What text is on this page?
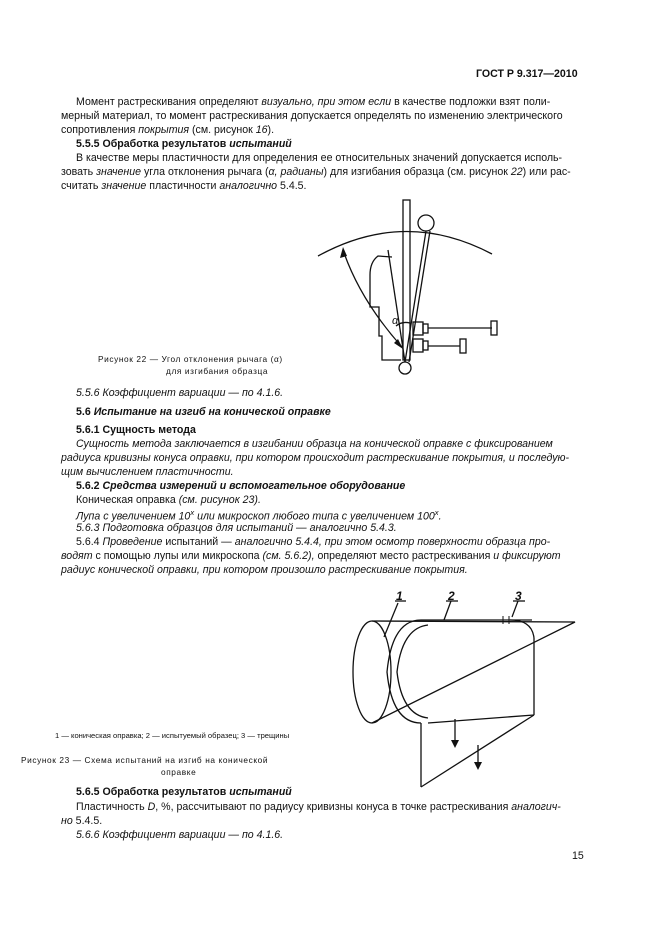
ГОСТ Р 9.317—2010
Момент растрескивания определяют визуально, при этом если в качестве подложки взят поли-
мерный материал, то момент растрескивания допускается определять по изменению электрического
сопротивления покрытия (см. рисунок 16).
5.5.5 Обработка результатов испытаний
В качестве меры пластичности для определения ее относительных значений допускается исполь-
зовать значение угла отклонения рычага (α, радианы) для изгибания образца (см. рисунок 22) или рас-
считать значение пластичности аналогично 5.4.5.
α
Рисунок 22 — Угол отклонения рычага (α)
для изгибания образца
5.5.6 Коэффициент вариации — по 4.1.6.
5.6 Испытание на изгиб на конической оправке
5.6.1 Сущность метода
Сущность метода заключается в изгибании образца на конической оправке с фиксированием
радиуса кривизны конуса оправки, при котором происходит растрескивание покрытия, и последую-
щим вычислением пластичности.
5.6.2 Средства измерений и вспомогательное оборудование
Коническая оправка (см. рисунок 23).
Лупа с увеличением $10^х$ или микроскоп любого типа с увеличением $100^х$.
5.6.3 Подготовка образцов для испытаний — аналогично 5.4.3.
5.6.4 Проведение испытаний — аналогично 5.4.4, при этом осмотр поверхности образца про-
водят с помощью лупы или микроскопа (см. 5.6.2), определяют место растрескивания и фиксируют
радиус конической оправки, при котором произошло растрескивание покрытия.
1	2	3
1 — коническая оправка; 2 — испытуемый образец; 3 — трещины
Рисунок 23 — Схема испытаний на изгиб на конической
оправке
5.6.5 Обработка результатов испытаний
Пластичность D, %, рассчитывают по радиусу кривизны конуса в точке растрескивания аналогич-
но 5.4.5.
5.6.6 Коэффициент вариации — по 4.1.6.
15
